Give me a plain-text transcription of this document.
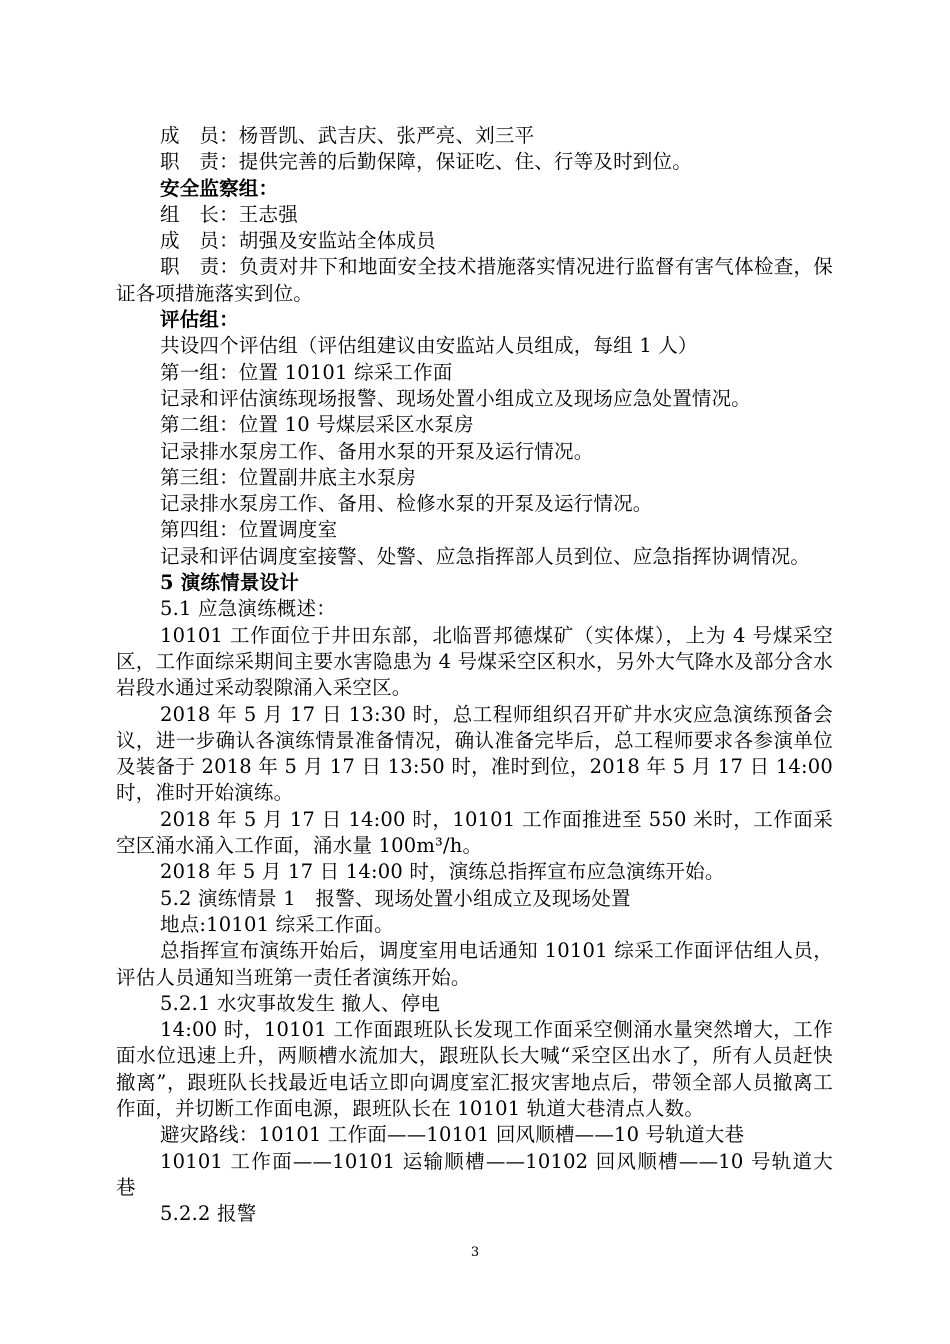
成　员：杨晋凯、武吉庆、张严亮、刘三平

职　责：提供完善的后勤保障，保证吃、住、行等及时到位。

安全监察组：

组　长：王志强

成　员：胡强及安监站全体成员

职　责：负责对井下和地面安全技术措施落实情况进行监督有害气体检查，保证各项措施落实到位。

评估组：

共设四个评估组（评估组建议由安监站人员组成，每组 1 人）

第一组：位置 10101 综采工作面

记录和评估演练现场报警、现场处置小组成立及现场应急处置情况。

第二组：位置 10 号煤层采区水泵房

记录排水泵房工作、备用水泵的开泵及运行情况。

第三组：位置副井底主水泵房

记录排水泵房工作、备用、检修水泵的开泵及运行情况。

第四组：位置调度室

记录和评估调度室接警、处警、应急指挥部人员到位、应急指挥协调情况。

5 演练情景设计

5.1 应急演练概述：

10101 工作面位于井田东部，北临晋邦德煤矿（实体煤），上为 4 号煤采空区，工作面综采期间主要水害隐患为 4 号煤采空区积水，另外大气降水及部分含水岩段水通过采动裂隙涌入采空区。

2018 年 5 月 17 日 13:30 时，总工程师组织召开矿井水灾应急演练预备会议，进一步确认各演练情景准备情况，确认准备完毕后，总工程师要求各参演单位及装备于 2018 年 5 月 17 日 13:50 时，准时到位，2018 年 5 月 17 日 14:00 时，准时开始演练。

2018 年 5 月 17 日 14:00 时，10101 工作面推进至 550 米时，工作面采空区涌水涌入工作面，涌水量 100m³/h。

2018 年 5 月 17 日 14:00 时，演练总指挥宣布应急演练开始。

5.2 演练情景 1　报警、现场处置小组成立及现场处置

地点:10101 综采工作面。

总指挥宣布演练开始后，调度室用电话通知 10101 综采工作面评估组人员，评估人员通知当班第一责任者演练开始。

5.2.1 水灾事故发生 撤人、停电

14:00 时，10101 工作面跟班队长发现工作面采空侧涌水量突然增大，工作面水位迅速上升，两顺槽水流加大，跟班队长大喊“采空区出水了，所有人员赶快撤离”，跟班队长找最近电话立即向调度室汇报灾害地点后，带领全部人员撤离工作面，并切断工作面电源，跟班队长在 10101 轨道大巷清点人数。

避灾路线：10101 工作面——10101 回风顺槽——10 号轨道大巷

10101 工作面——10101 运输顺槽——10102 回风顺槽——10 号轨道大巷

5.2.2 报警

3
